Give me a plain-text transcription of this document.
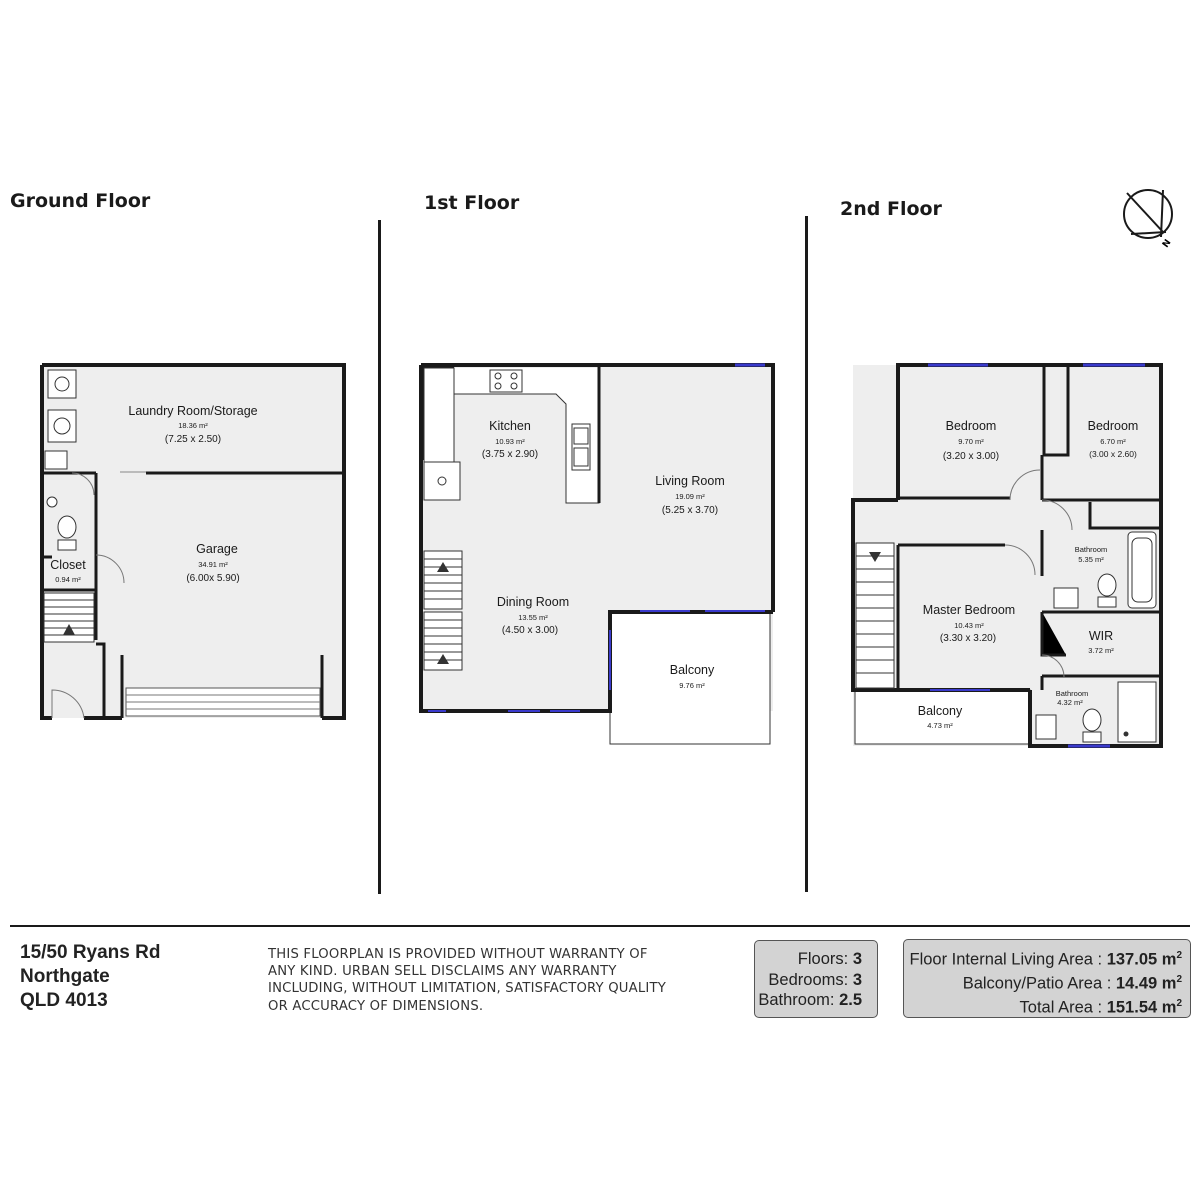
Ground Floor	1st Floor	2nd Floor
N
Laundry Room/Storage
18.36 m²
(7.25 x 2.50)
Garage
34.91 m²
(6.00x 5.90)
Closet
0.94 m²
Kitchen
10.93 m²
(3.75 x 2.90)
Living Room
19.09 m²
(5.25 x 3.70)
Dining Room
13.55 m²
(4.50 x 3.00)
Balcony
9.76 m²
Bedroom
9.70 m²
(3.20 x 3.00)
Bedroom
6.70 m²
(3.00 x 2.60)
Bathroom
5.35 m²
Master Bedroom
10.43 m²
(3.30 x 3.20)	WIR
3.72 m²
Bathroom
4.32 m²
Balcony
4.73 m²
15/50 Ryans Rd
Northgate
QLD 4013
THIS FLOORPLAN IS PROVIDED WITHOUT WARRANTY OF ANY KIND. URBAN SELL DISCLAIMS ANY WARRANTY INCLUDING, WITHOUT LIMITATION, SATISFACTORY QUALITY OR ACCURACY OF DIMENSIONS.
Floors: 3
Bedrooms: 3
Bathroom: 2.5
Floor Internal Living Area : 137.05 $m^2$
Balcony/Patio Area : 14.49 $m^2$
Total Area : 151.54 $m^2$
